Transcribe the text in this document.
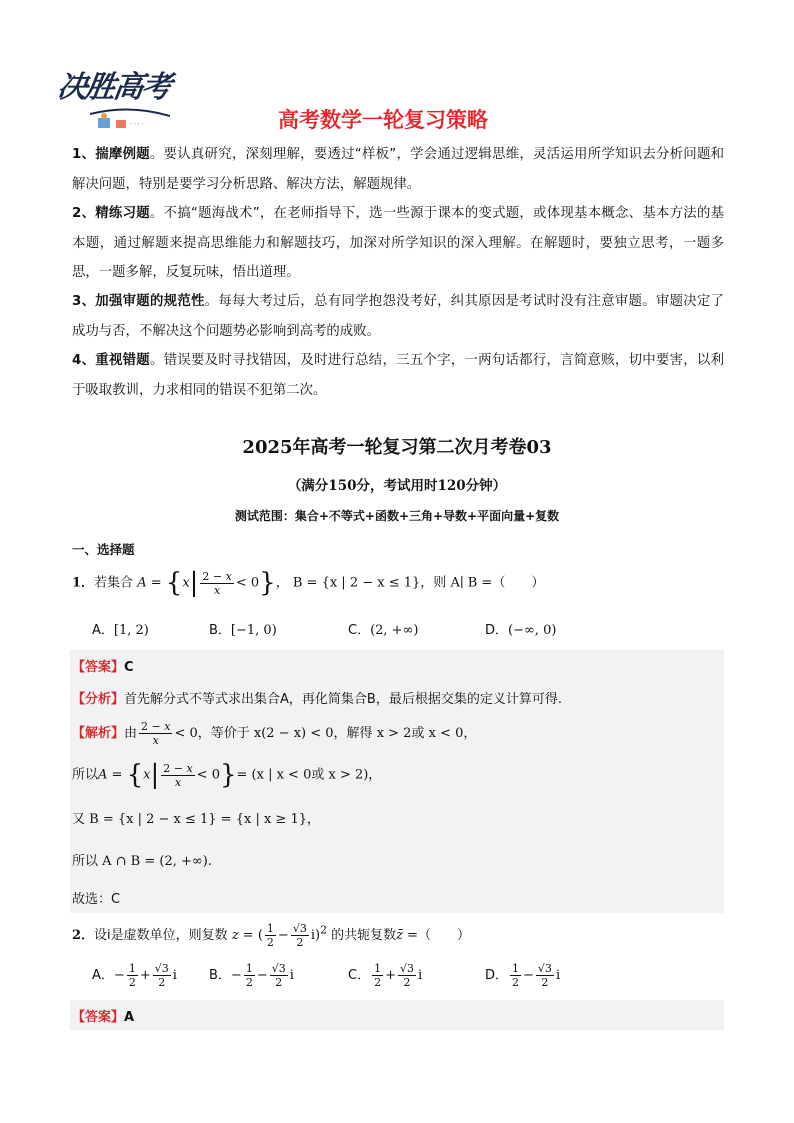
决胜高考
· · · ·	高考数学一轮复习策略
1、揣摩例题。要认真研究，深刻理解，要透过“样板”，学会通过逻辑思维，灵活运用所学知识去分析问题和解决问题，特别是要学习分析思路、解决方法，解题规律。
2、精练习题。不搞“题海战术”，在老师指导下，选一些源于课本的变式题，或体现基本概念、基本方法的基本题，通过解题来提高思维能力和解题技巧，加深对所学知识的深入理解。在解题时，要独立思考，一题多思，一题多解，反复玩味，悟出道理。
3、加强审题的规范性。每每大考过后，总有同学抱怨没考好，纠其原因是考试时没有注意审题。审题决定了成功与否，不解决这个问题势必影响到高考的成败。
4、重视错题。错误要及时寻找错因，及时进行总结，三五个字，一两句话都行，言简意赅，切中要害，以利于吸取教训，力求相同的错误不犯第二次。
2025年高考一轮复习第二次月考卷03
（满分150分，考试用时120分钟）
测试范围：集合+不等式+函数+三角+导数+平面向量+复数
一、选择题
1．若集合 $A = \{x| \frac{2 - x}{x} < 0\}$， B = {x | 2 − x ≤ 1}，则 A∣ B =（　　）
A．[1, 2)	B．[−1, 0)	C．(2, +∞)	D．(−∞, 0)
【答案】C
【分析】首先解分式不等式求出集合A，再化简集合B，最后根据交集的定义计算可得.
【解析】由 $\frac{2 - x}{x} < 0$，等价于 x(2 − x) < 0，解得 x > 2或 x < 0，
所以$A = \{x| \frac{2 - x}{x} < 0\}= (x$ | x < 0或 x > 2)，
又 B = {x | 2 − x ≤ 1} = {x | x ≥ 1}，
所以 A ∩ B = (2, +∞).
故选：C
2．设i是虚数单位，则复数 z = ( $\frac{1}{2} - \frac{√3}{2} i)^2$ 的共轭复数z̄ =（　　）
A．− $\frac{1}{2} + \frac{√3}{2}$ i B．− $\frac{1}{2} - \frac{√3}{2}$ i	C． $\frac{1}{2} + \frac{√3}{2}$ i	D． $\frac{1}{2} - \frac{√3}{2}$ i
【答案】A
